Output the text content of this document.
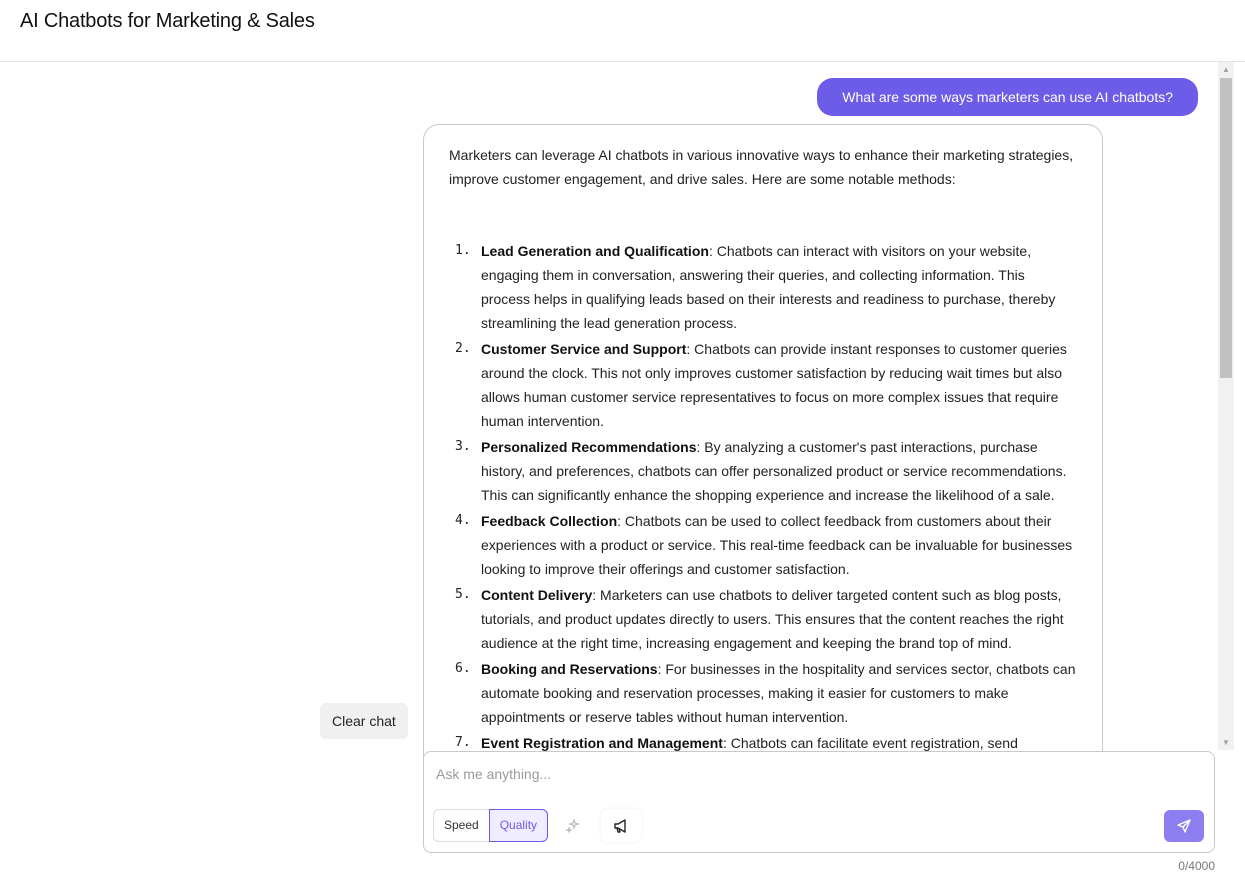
AI Chatbots for Marketing & Sales
What are some ways marketers can use AI chatbots?

Marketers can leverage AI chatbots in various innovative ways to enhance their marketing strategies, improve customer engagement, and drive sales. Here are some notable methods:

1. Lead Generation and Qualification: Chatbots can interact with visitors on your website, engaging them in conversation, answering their queries, and collecting information. This process helps in qualifying leads based on their interests and readiness to purchase, thereby streamlining the lead generation process.
2. Customer Service and Support: Chatbots can provide instant responses to customer queries around the clock. This not only improves customer satisfaction by reducing wait times but also allows human customer service representatives to focus on more complex issues that require human intervention.
3. Personalized Recommendations: By analyzing a customer's past interactions, purchase history, and preferences, chatbots can offer personalized product or service recommendations. This can significantly enhance the shopping experience and increase the likelihood of a sale.
4. Feedback Collection: Chatbots can be used to collect feedback from customers about their experiences with a product or service. This real-time feedback can be invaluable for businesses looking to improve their offerings and customer satisfaction.
5. Content Delivery: Marketers can use chatbots to deliver targeted content such as blog posts, tutorials, and product updates directly to users. This ensures that the content reaches the right audience at the right time, increasing engagement and keeping the brand top of mind.
6. Booking and Reservations: For businesses in the hospitality and services sector, chatbots can automate booking and reservation processes, making it easier for customers to make appointments or reserve tables without human intervention.
7. Event Registration and Management: Chatbots can facilitate event registration, send
▲
▼
Clear chat
Ask me anything...
Speed	Quality
0/4000
